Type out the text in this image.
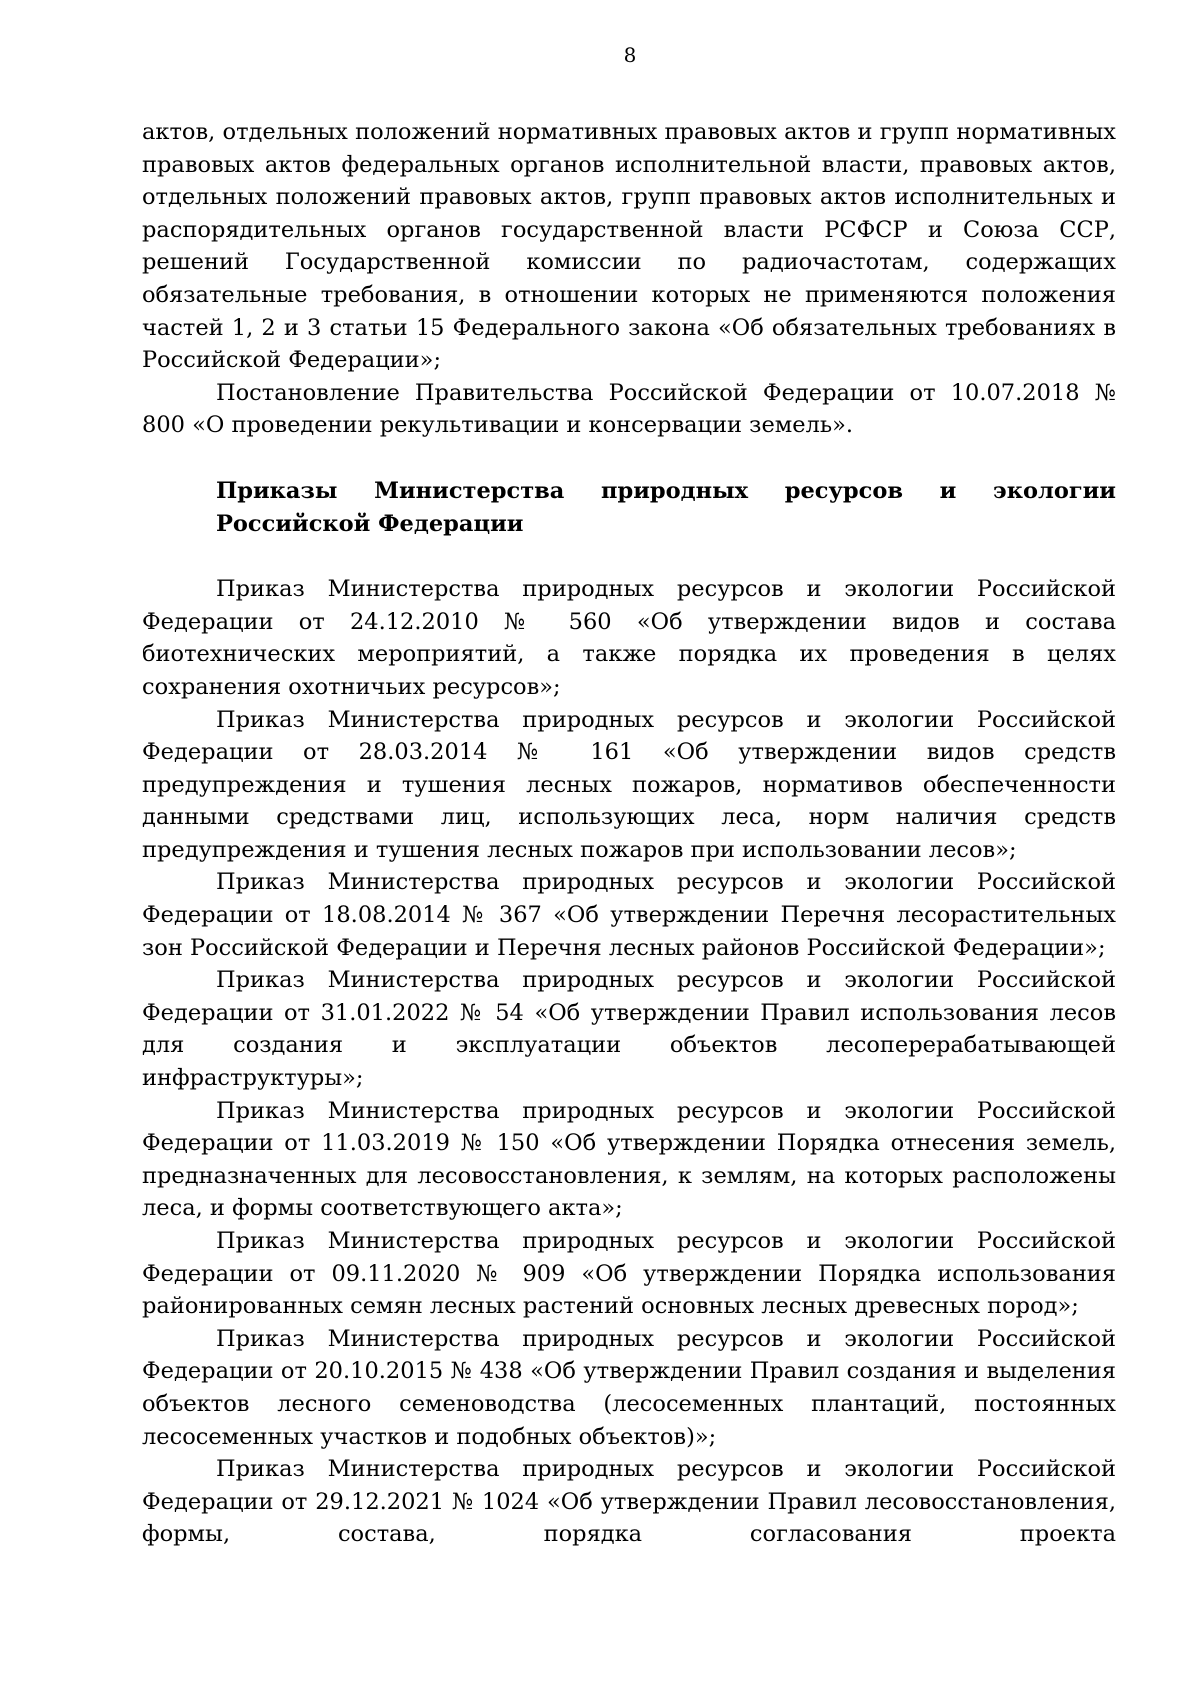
8

актов, отдельных положений нормативных правовых актов и групп нормативных правовых актов федеральных органов исполнительной власти, правовых актов, отдельных положений правовых актов, групп правовых актов исполнительных и распорядительных органов государственной власти РСФСР и Союза ССР, решений Государственной комиссии по радиочастотам, содержащих обязательные требования, в отношении которых не применяются положения частей 1, 2 и 3 статьи 15 Федерального закона «Об обязательных требованиях в Российской Федерации»;

Постановление Правительства Российской Федерации от 10.07.2018 № 800 «О проведении рекультивации и консервации земель».

Приказы Министерства природных ресурсов и экологии Российской Федерации

Приказ Министерства природных ресурсов и экологии Российской Федерации от 24.12.2010 № 560 «Об утверждении видов и состава биотехнических мероприятий, а также порядка их проведения в целях сохранения охотничьих ресурсов»;

Приказ Министерства природных ресурсов и экологии Российской Федерации от 28.03.2014 № 161 «Об утверждении видов средств предупреждения и тушения лесных пожаров, нормативов обеспеченности данными средствами лиц, использующих леса, норм наличия средств предупреждения и тушения лесных пожаров при использовании лесов»;

Приказ Министерства природных ресурсов и экологии Российской Федерации от 18.08.2014 № 367 «Об утверждении Перечня лесорастительных зон Российской Федерации и Перечня лесных районов Российской Федерации»;

Приказ Министерства природных ресурсов и экологии Российской Федерации от 31.01.2022 № 54 «Об утверждении Правил использования лесов для создания и эксплуатации объектов лесоперерабатывающей инфраструктуры»;

Приказ Министерства природных ресурсов и экологии Российской Федерации от 11.03.2019 № 150 «Об утверждении Порядка отнесения земель, предназначенных для лесовосстановления, к землям, на которых расположены леса, и формы соответствующего акта»;

Приказ Министерства природных ресурсов и экологии Российской Федерации от 09.11.2020 № 909 «Об утверждении Порядка использования районированных семян лесных растений основных лесных древесных пород»;

Приказ Министерства природных ресурсов и экологии Российской Федерации от 20.10.2015 № 438 «Об утверждении Правил создания и выделения объектов лесного семеноводства (лесосеменных плантаций, постоянных лесосеменных участков и подобных объектов)»;

Приказ Министерства природных ресурсов и экологии Российской Федерации от 29.12.2021 № 1024 «Об утверждении Правил лесовосстановления, формы, состава, порядка согласования проекта
